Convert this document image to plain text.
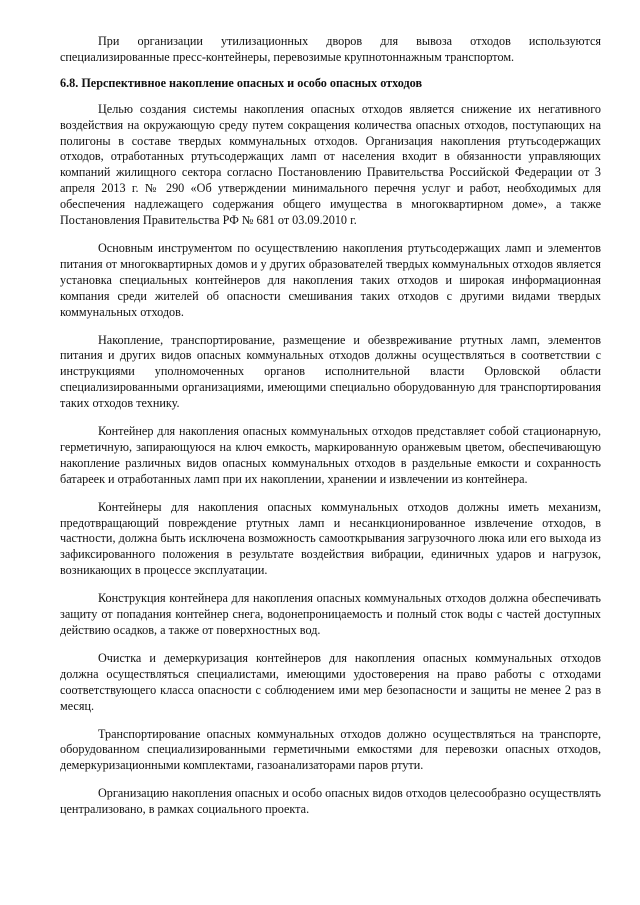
При организации утилизационных дворов для вывоза отходов используются специализированные пресс-контейнеры, перевозимые крупнотоннажным транспортом.

6.8. Перспективное накопление опасных и особо опасных отходов

Целью создания системы накопления опасных отходов является снижение их негативного воздействия на окружающую среду путем сокращения количества опасных отходов, поступающих на полигоны в составе твердых коммунальных отходов. Организация накопления ртутьсодержащих отходов, отработанных ртутьсодержащих ламп от населения входит в обязанности управляющих компаний жилищного сектора согласно Постановлению Правительства Российской Федерации от 3 апреля 2013 г. № 290 «Об утверждении минимального перечня услуг и работ, необходимых для обеспечения надлежащего содержания общего имущества в многоквартирном доме», а также Постановления Правительства РФ № 681 от 03.09.2010 г.

Основным инструментом по осуществлению накопления ртутьсодержащих ламп и элементов питания от многоквартирных домов и у других образователей твердых коммунальных отходов является установка специальных контейнеров для накопления таких отходов и широкая информационная компания среди жителей об опасности смешивания таких отходов с другими видами твердых коммунальных отходов.

Накопление, транспортирование, размещение и обезвреживание ртутных ламп, элементов питания и других видов опасных коммунальных отходов должны осуществляться в соответствии с инструкциями уполномоченных органов исполнительной власти Орловской области специализированными организациями, имеющими специально оборудованную для транспортирования таких отходов технику.

Контейнер для накопления опасных коммунальных отходов представляет собой стационарную, герметичную, запирающуюся на ключ емкость, маркированную оранжевым цветом, обеспечивающую накопление различных видов опасных коммунальных отходов в раздельные емкости и сохранность батареек и отработанных ламп при их накоплении, хранении и извлечении из контейнера.

Контейнеры для накопления опасных коммунальных отходов должны иметь механизм, предотвращающий повреждение ртутных ламп и несанкционированное извлечение отходов, в частности, должна быть исключена возможность самооткрывания загрузочного люка или его выхода из зафиксированного положения в результате воздействия вибрации, единичных ударов и нагрузок, возникающих в процессе эксплуатации.

Конструкция контейнера для накопления опасных коммунальных отходов должна обеспечивать защиту от попадания контейнер снега, водонепроницаемость и полный сток воды с частей доступных действию осадков, а также от поверхностных вод.

Очистка и демеркуризация контейнеров для накопления опасных коммунальных отходов должна осуществляться специалистами, имеющими удостоверения на право работы с отходами соответствующего класса опасности с соблюдением ими мер безопасности и защиты не менее 2 раз в месяц.

Транспортирование опасных коммунальных отходов должно осуществляться на транспорте, оборудованном специализированными герметичными емкостями для перевозки опасных отходов, демеркуризационными комплектами, газоанализаторами паров ртути.

Организацию накопления опасных и особо опасных видов отходов целесообразно осуществлять централизовано, в рамках социального проекта.
